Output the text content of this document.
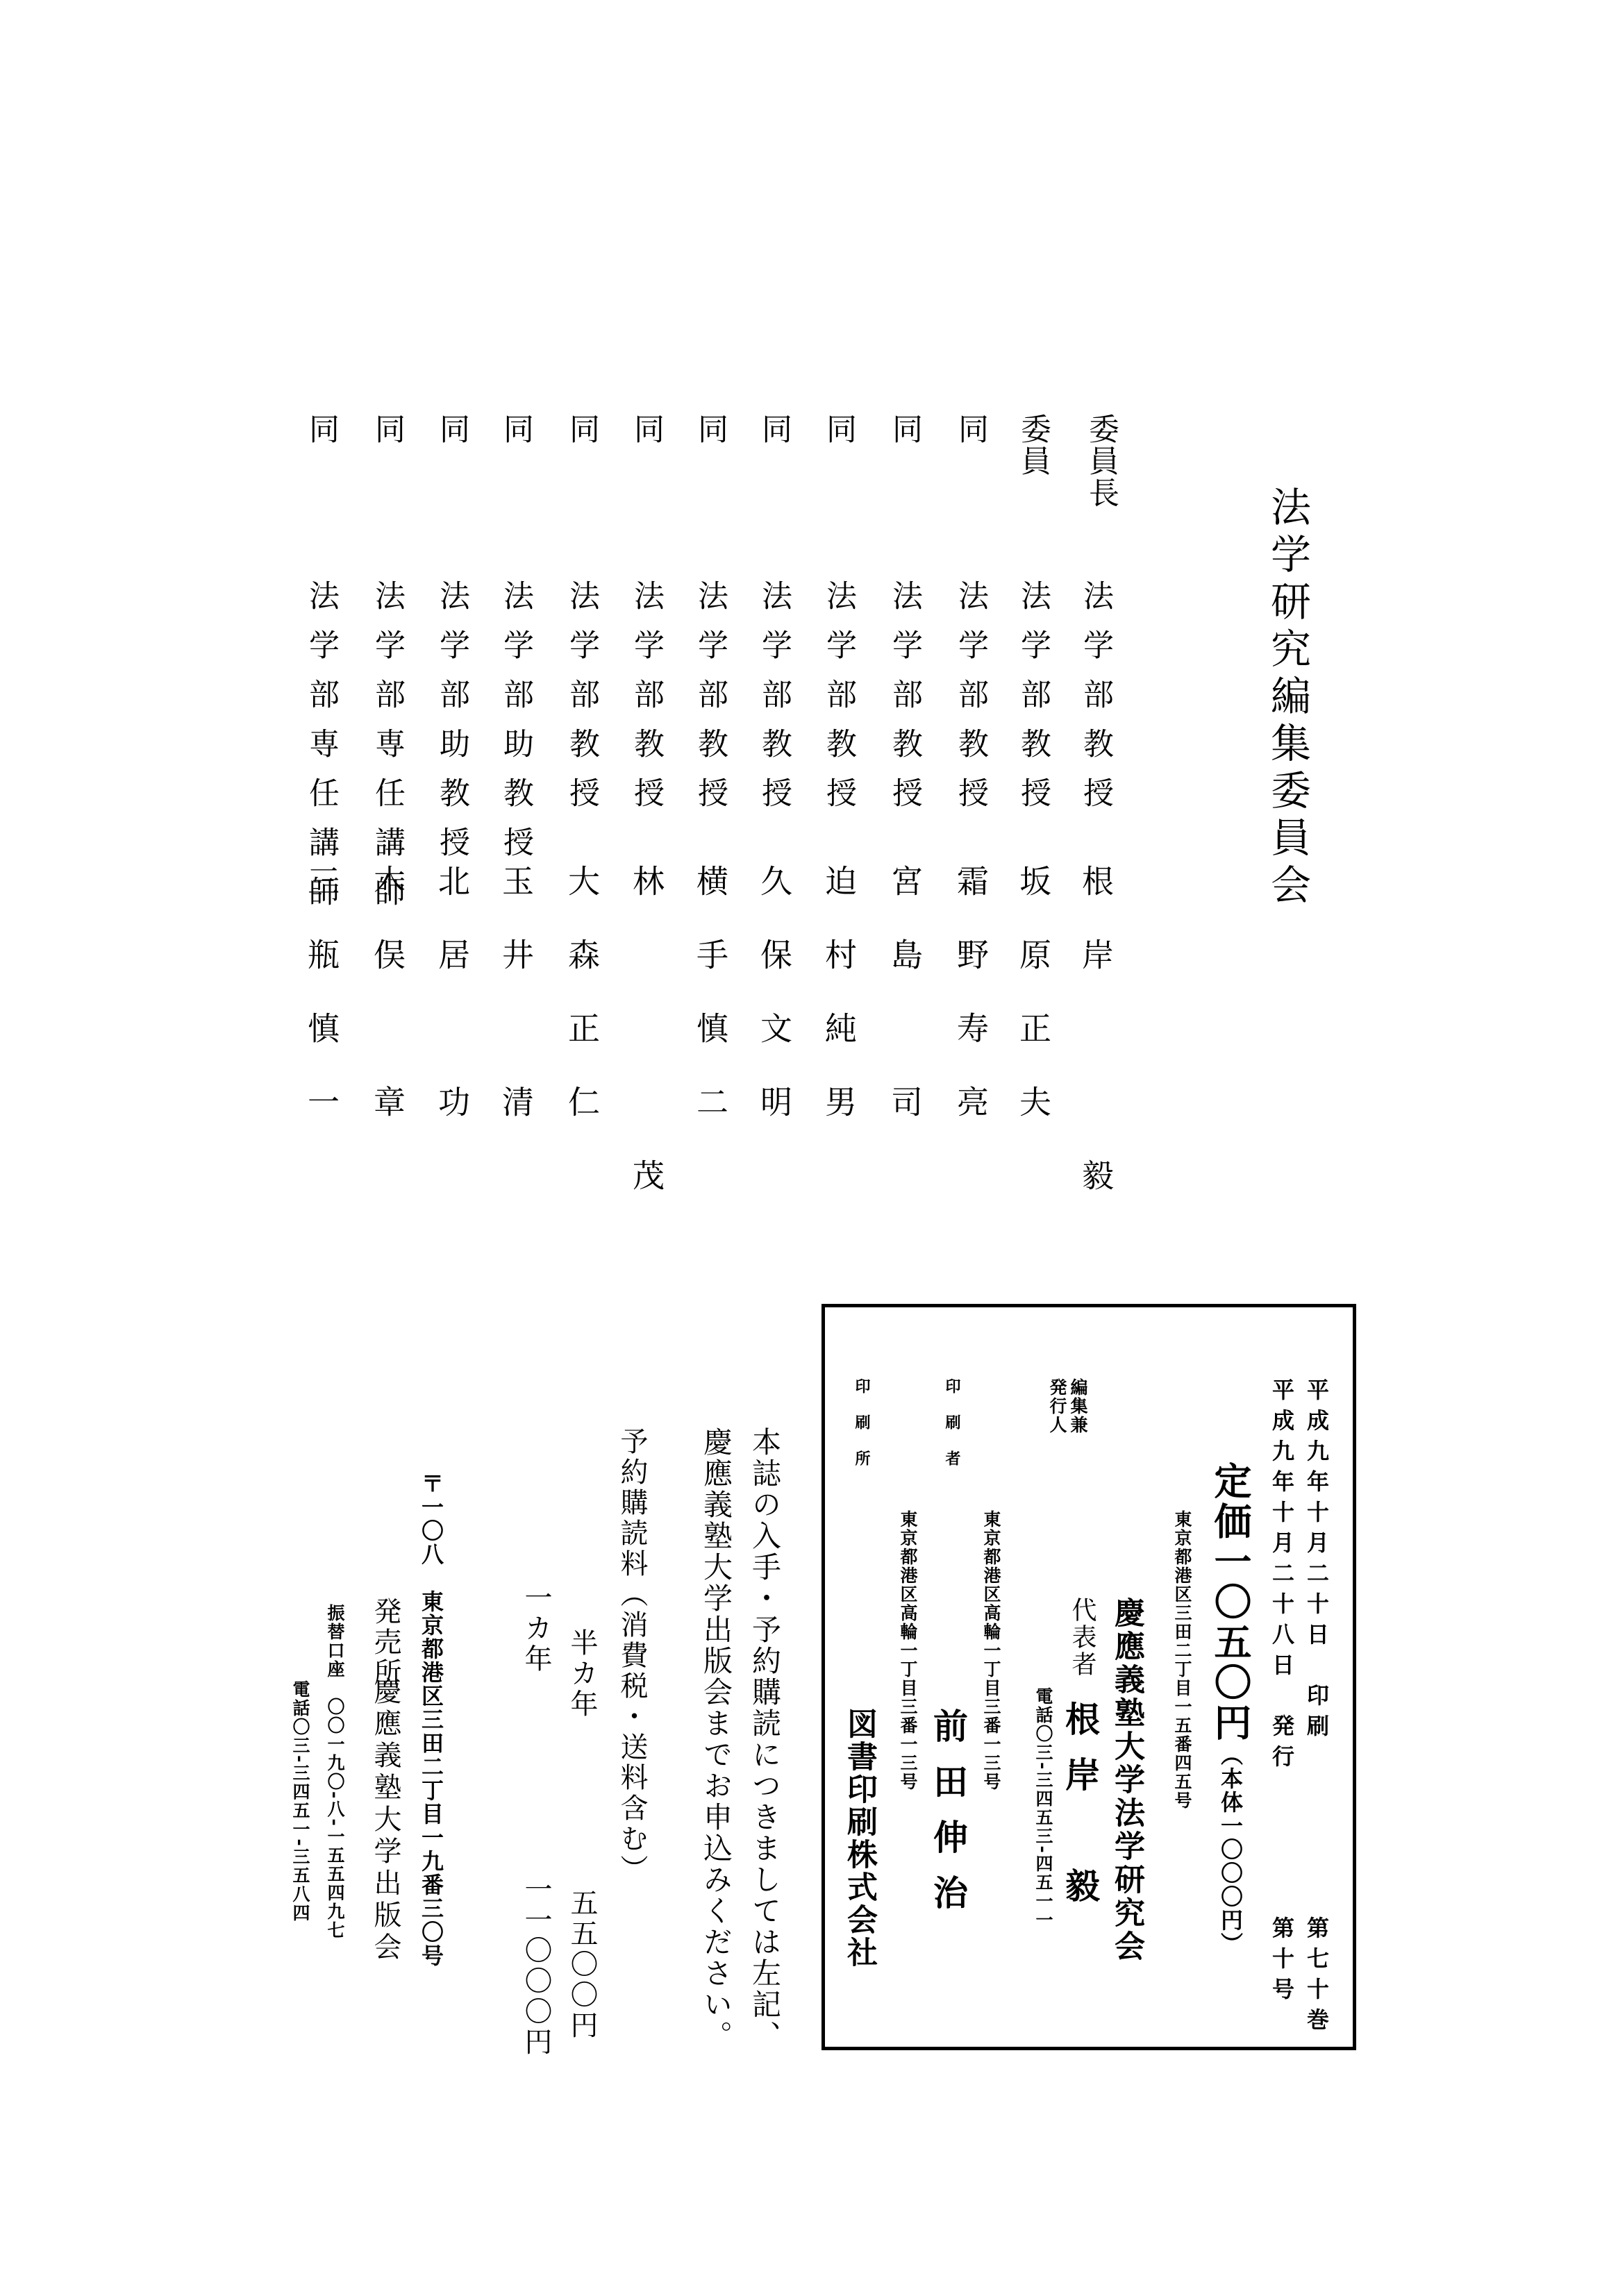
法学研究編集委員会
委員長
法学部教授
根岸　　毅
委員
法学部教授
坂原正夫
同
法学部教授
霜野寿亮
同
法学部教授
宮島　司
同
法学部教授
迫村純男
同
法学部教授
久保文明
同
法学部教授
横手慎二
同
法学部教授
林　　　茂
同
法学部教授
大森正仁
同
法学部助教授
玉井　清
同
法学部助教授
北居　功
同
法学部専任講師
木俣　章
同
法学部専任講師
三瓶慎一
平成九年十月二十日　印刷
第七十巻
平成九年十月二十八日　発行
第十号
定価一〇五〇円（本体一〇〇〇円）
東京都港区三田二丁目一五番四五号
編集兼
発行人
慶應義塾大学法学研究会
代表者
根岸　毅
電話〇三-三四五三-四五一一
印刷者
東京都港区高輪一丁目三番一三号
前田伸治
印刷所
東京都港区高輪一丁目三番一三号
図書印刷株式会社
本誌の入手・予約購読につきましては左記、
慶應義塾大学出版会までお申込みください。
予約購読料（消費税・送料含む）
半カ年
五五〇〇円
一カ年
一一〇〇〇円
〒一〇八　東京都港区三田二丁目一九番三〇号
発売所
慶應義塾大学出版会
振替口座　〇〇一九〇-八-一五五四九七
電話〇三-三四五一-三五八四
